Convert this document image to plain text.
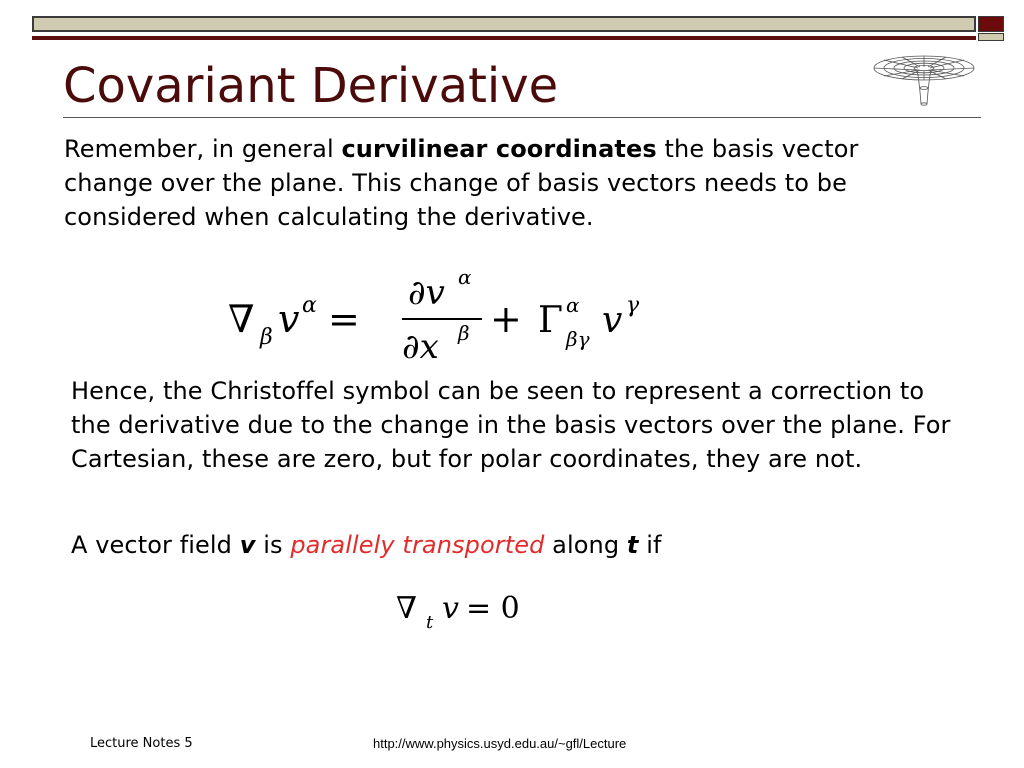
Covariant Derivative

Remember, in general curvilinear coordinates the basis vector change over the plane. This change of basis vectors needs to be considered when calculating the derivative.

∇ β v α =
∂v α
∂x β + Γ α
βγ v γ

Hence, the Christoffel symbol can be seen to represent a correction to the derivative due to the change in the basis vectors over the plane. For Cartesian, these are zero, but for polar coordinates, they are not.

A vector field v is parallely transported along t if

∇ t v = 0
Lecture Notes 5	http://www.physics.usyd.edu.au/~gfl/Lecture
